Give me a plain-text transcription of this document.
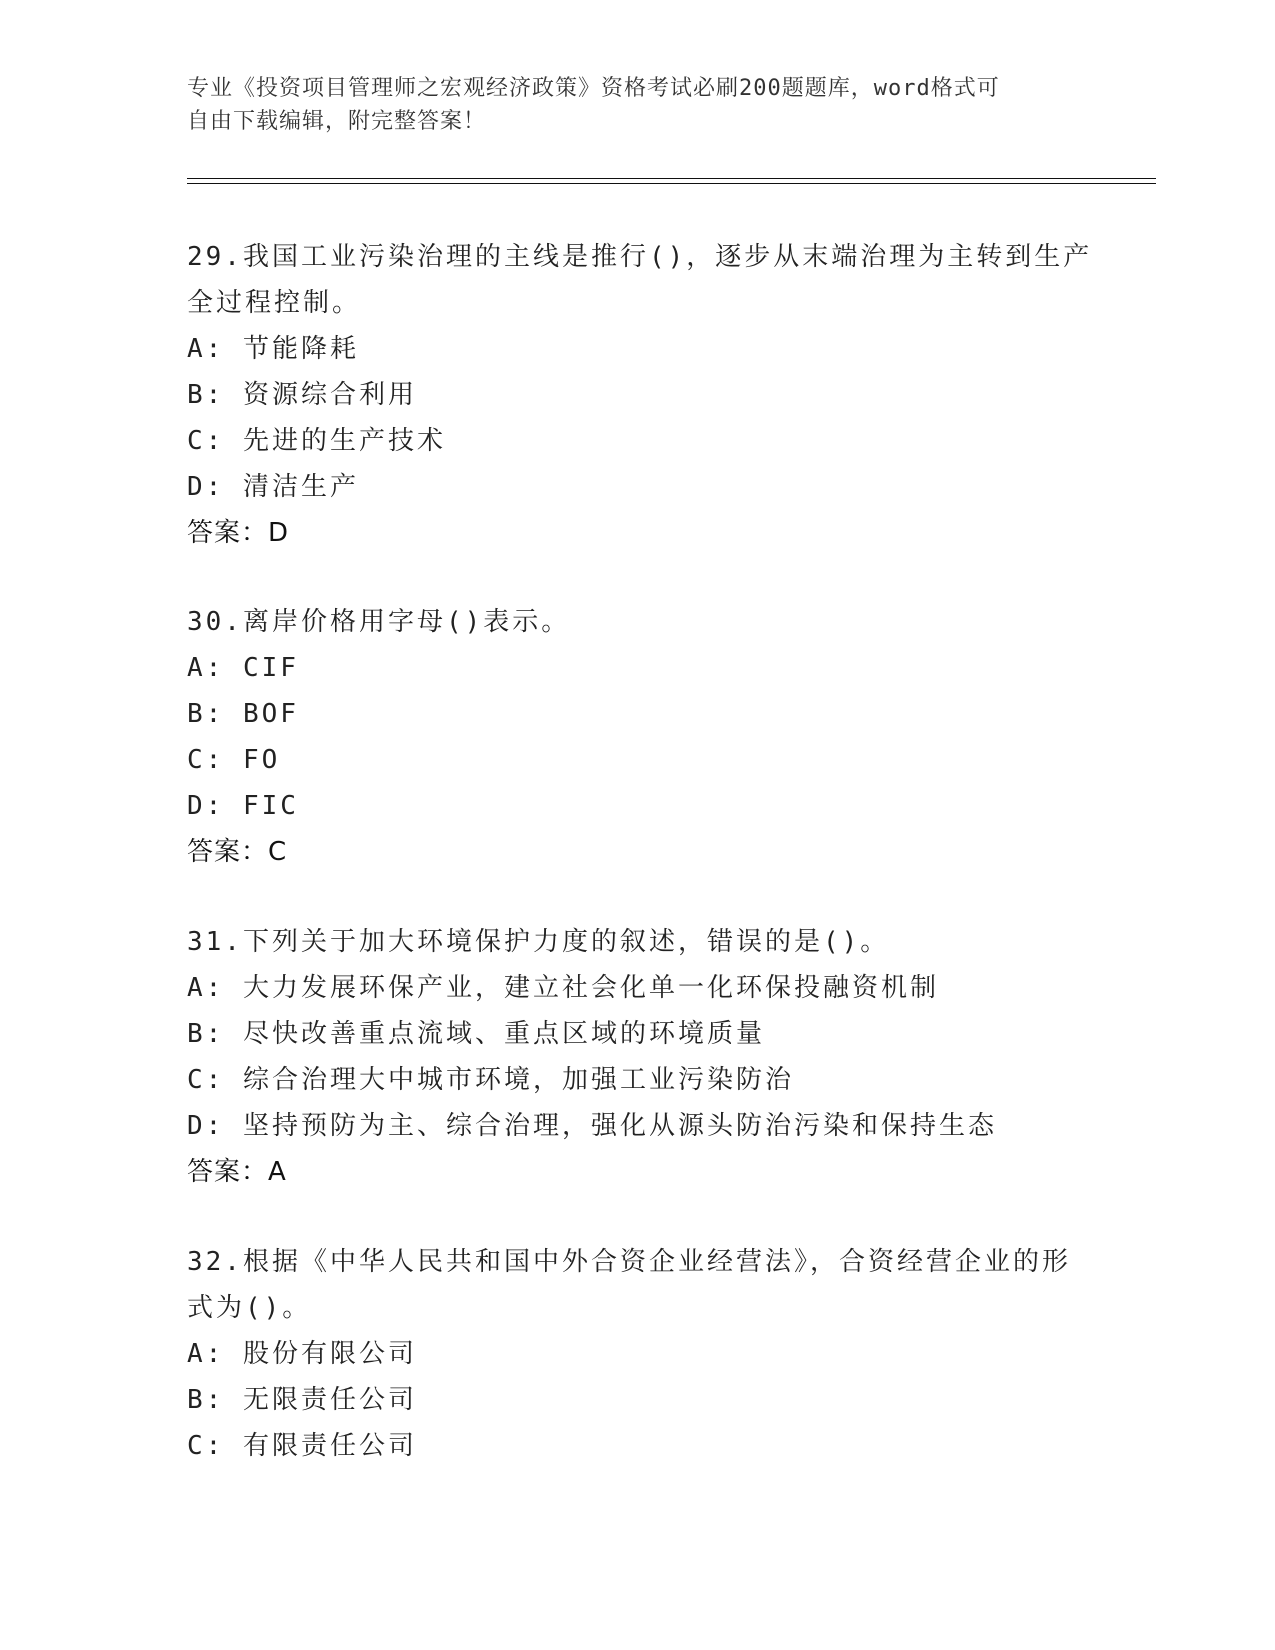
专业《投资项目管理师之宏观经济政策》资格考试必刷200题题库，word格式可
自由下载编辑，附完整答案！
29.我国工业污染治理的主线是推行()，逐步从末端治理为主转到生产
全过程控制。
A: 节能降耗
B: 资源综合利用
C: 先进的生产技术
D: 清洁生产
答案：D
30.离岸价格用字母()表示。
A: CIF
B: BOF
C: FO
D: FIC
答案：C
31.下列关于加大环境保护力度的叙述，错误的是()。
A: 大力发展环保产业，建立社会化单一化环保投融资机制
B: 尽快改善重点流域、重点区域的环境质量
C: 综合治理大中城市环境，加强工业污染防治
D: 坚持预防为主、综合治理，强化从源头防治污染和保持生态
答案：A
32.根据《中华人民共和国中外合资企业经营法》，合资经营企业的形
式为()。
A: 股份有限公司
B: 无限责任公司
C: 有限责任公司
